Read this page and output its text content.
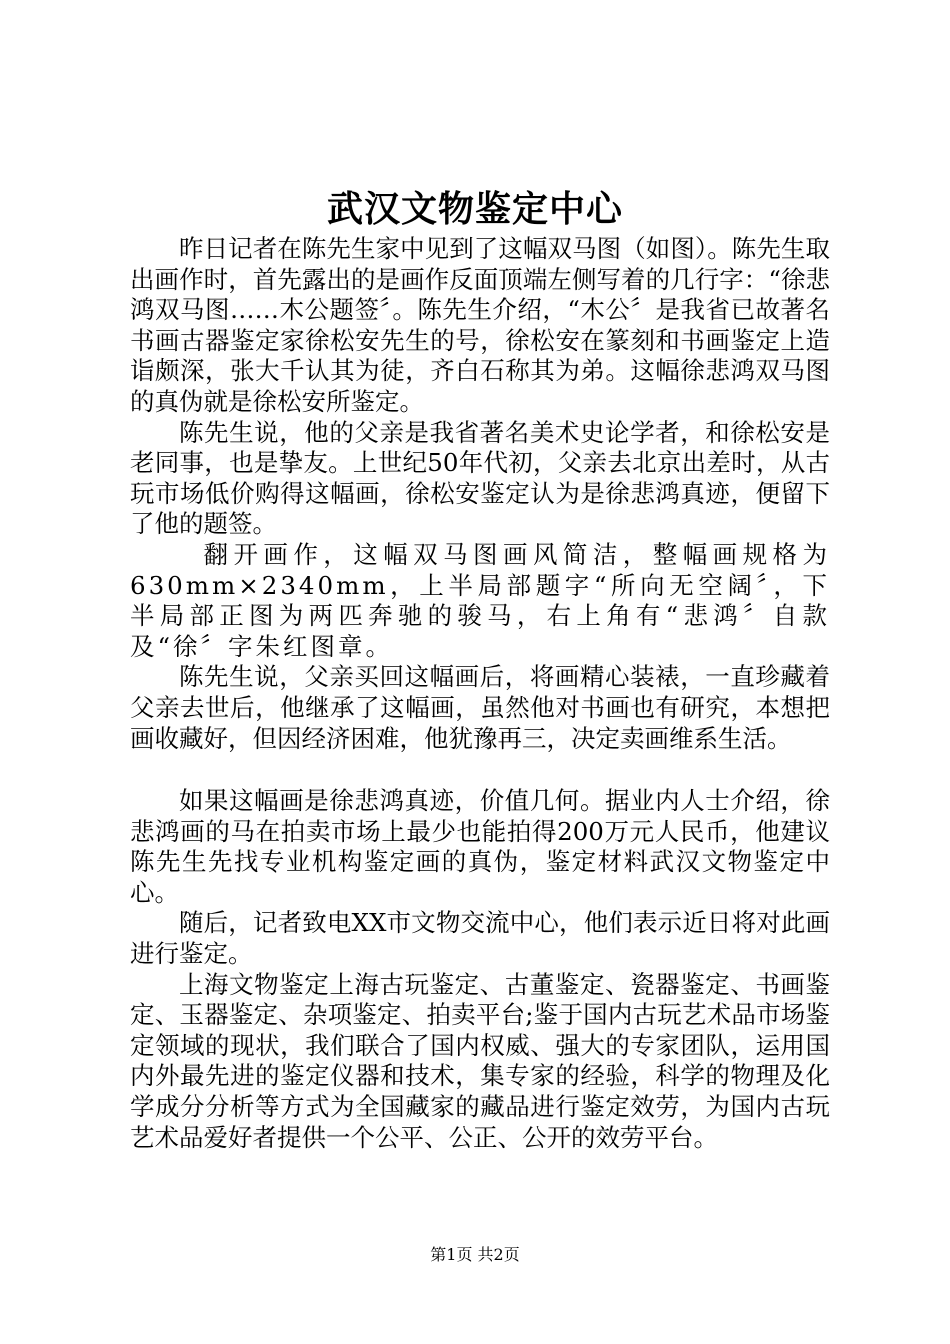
武汉文物鉴定中心

昨日记者在陈先生家中见到了这幅双马图（如图）。陈先生取出画作时，首先露出的是画作反面顶端左侧写着的几行字：“徐悲鸿双马图……木公题签〞。陈先生介绍，“木公〞是我省已故著名书画古器鉴定家徐松安先生的号，徐松安在篆刻和书画鉴定上造诣颇深，张大千认其为徒，齐白石称其为弟。这幅徐悲鸿双马图的真伪就是徐松安所鉴定。

陈先生说，他的父亲是我省著名美术史论学者，和徐松安是老同事，也是挚友。上世纪50年代初，父亲去北京出差时，从古玩市场低价购得这幅画，徐松安鉴定认为是徐悲鸿真迹，便留下了他的题签。

翻开画作，这幅双马图画风简洁，整幅画规格为630mm×2340mm，上半局部题字“所向无空阔〞，下半局部正图为两匹奔驰的骏马，右上角有“悲鸿〞自款及“徐〞字朱红图章。

陈先生说，父亲买回这幅画后，将画精心装裱，一直珍藏着父亲去世后，他继承了这幅画，虽然他对书画也有研究，本想把画收藏好，但因经济困难，他犹豫再三，决定卖画维系生活。

如果这幅画是徐悲鸿真迹，价值几何。据业内人士介绍，徐悲鸿画的马在拍卖市场上最少也能拍得200万元人民币，他建议陈先生先找专业机构鉴定画的真伪，鉴定材料武汉文物鉴定中心。

随后，记者致电XX市文物交流中心，他们表示近日将对此画进行鉴定。

上海文物鉴定上海古玩鉴定、古董鉴定、瓷器鉴定、书画鉴定、玉器鉴定、杂项鉴定、拍卖平台;鉴于国内古玩艺术品市场鉴定领域的现状，我们联合了国内权威、强大的专家团队，运用国内外最先进的鉴定仪器和技术，集专家的经验，科学的物理及化学成分分析等方式为全国藏家的藏品进行鉴定效劳，为国内古玩艺术品爱好者提供一个公平、公正、公开的效劳平台。

第1页 共2页
